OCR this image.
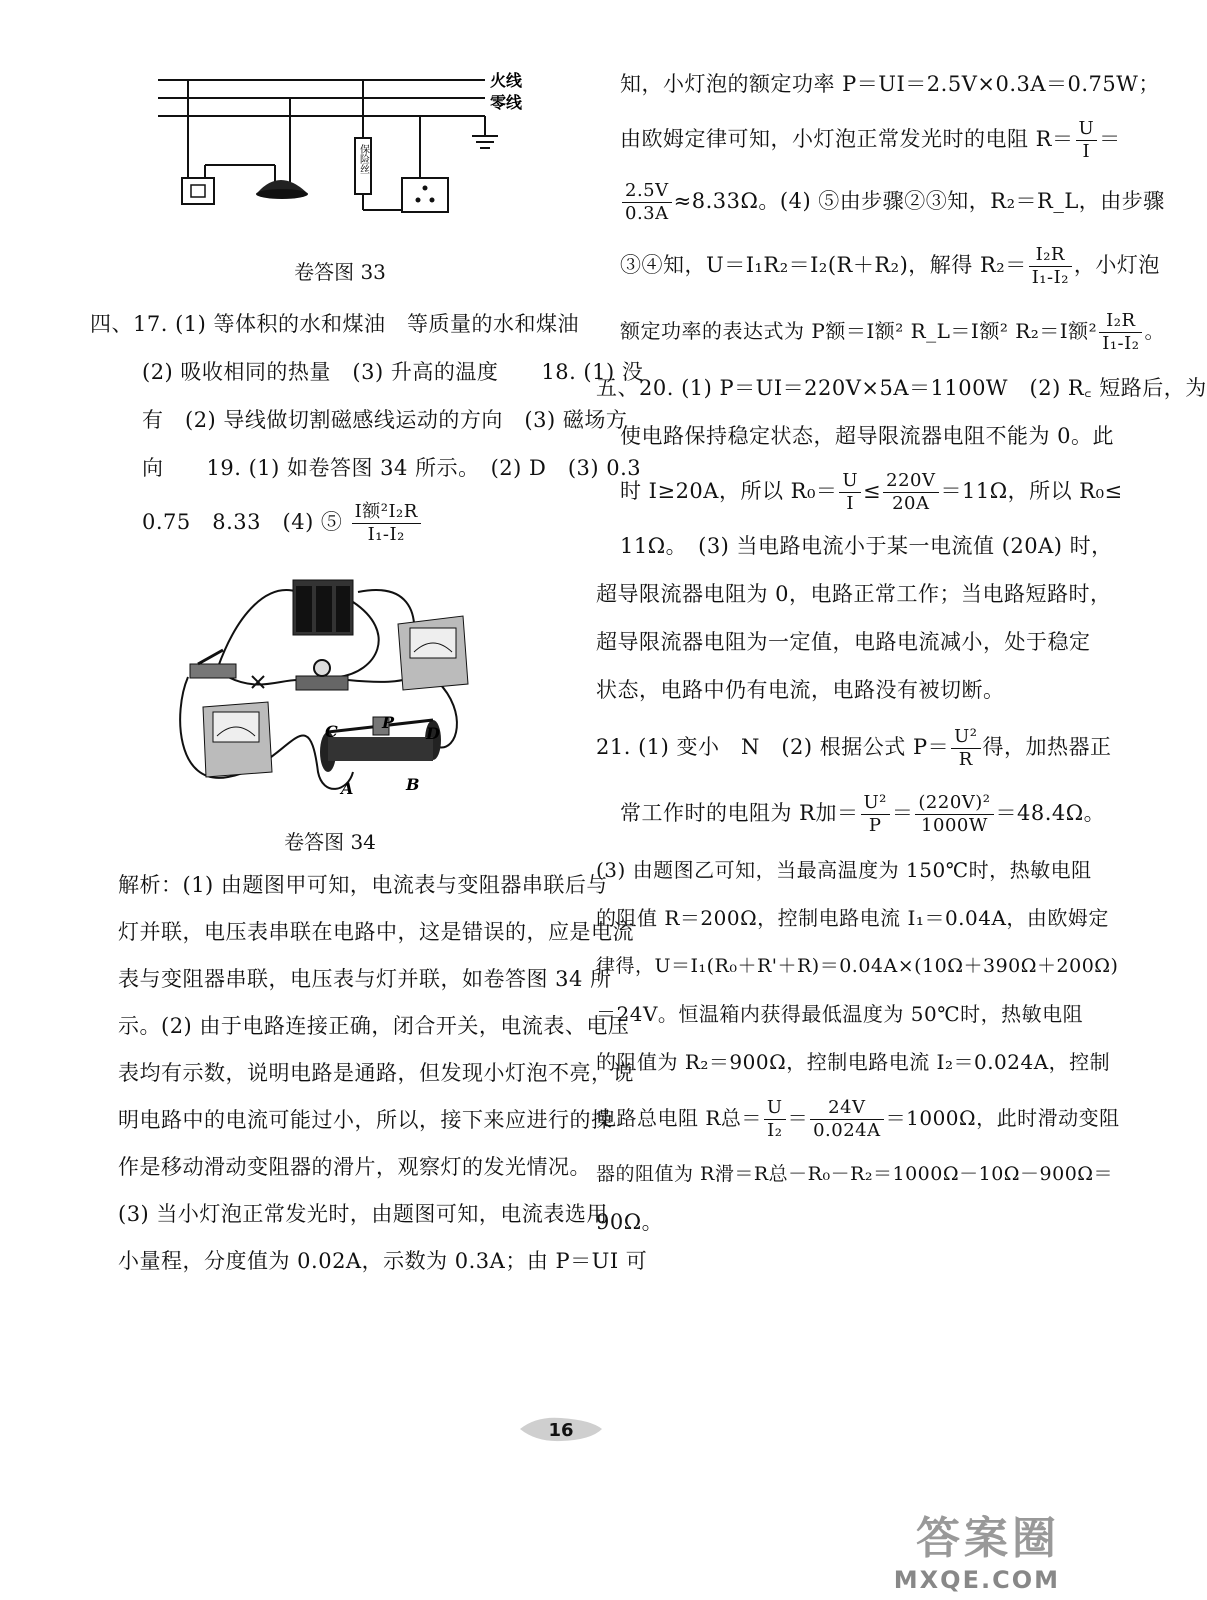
火线
零线
保险丝
卷答图 33

四、17. (1) 等体积的水和煤油　等质量的水和煤油

(2) 吸收相同的热量　(3) 升高的温度　　18. (1) 没

有　(2) 导线做切割磁感线运动的方向　(3) 磁场方

向　　19. (1) 如卷答图 34 所示。　(2) D　(3) 0.3

0.75　8.33　(4) ⑤ $\frac{\text{I额²I₂R}}{\text{I₁-I₂}}$

C	P
D
A	B
卷答图 34

解析：(1) 由题图甲可知，电流表与变阻器串联后与

灯并联，电压表串联在电路中，这是错误的，应是电流

表与变阻器串联，电压表与灯并联，如卷答图 34 所

示。(2) 由于电路连接正确，闭合开关，电流表、电压

表均有示数，说明电路是通路，但发现小灯泡不亮，说

明电路中的电流可能过小，所以，接下来应进行的操

作是移动滑动变阻器的滑片，观察灯的发光情况。

(3) 当小灯泡正常发光时，由题图可知，电流表选用

小量程，分度值为 0.02A，示数为 0.3A；由 P＝UI 可

知，小灯泡的额定功率 P＝UI＝2.5V×0.3A＝0.75W；

由欧姆定律可知，小灯泡正常发光时的电阻 $R= \frac{U}{I}$ ＝

$\frac{2.5V}{0.3A} \approx 8.33\Omega$。(4) ⑤由步骤②③知，R₂＝R_L，由步骤

③④知，U＝I₁R₂＝I₂(R＋R₂)，解得 $R_2= \frac{\text{I₂R}}{\text{I₁-I₂}}$ ，小灯泡

额定功率的表达式为 P额＝I额² R_L＝I额² R₂＝I额$^2 \frac{\text{I₂R}}{\text{I₁-I₂}}$ 。

五、20. (1) P＝UI＝220V×5A＝1100W　(2) R꜀ 短路后，为

使电路保持稳定状态，超导限流器电阻不能为 0。此

时 I≥20A，所以 $R_0= \frac{U}{I} \le \frac{220V}{20A} =11\Omega$，所以 R₀≤

11Ω。　(3) 当电路电流小于某一电流值 (20A) 时，

超导限流器电阻为 0，电路正常工作；当电路短路时，

超导限流器电阻为一定值，电路电流减小，处于稳定

状态，电路中仍有电流，电路没有被切断。

21. (1) 变小　N　(2) 根据公式 $P= \frac{\text{U²}}{R}$ 得，加热器正

常工作时的电阻为 R加＝ $\frac{\text{U²}}{P} = \frac{\text{(220V)²}}{1000W} =48.4\Omega$。

(3) 由题图乙可知，当最高温度为 150℃时，热敏电阻

的阻值 R＝200Ω，控制电路电流 I₁＝0.04A，由欧姆定

律得，U＝I₁(R₀＋R'＋R)＝0.04A×(10Ω＋390Ω＋200Ω)

＝24V。恒温箱内获得最低温度为 50℃时，热敏电阻

的阻值为 R₂＝900Ω，控制电路电流 I₂＝0.024A，控制

电路总电阻 R总＝ $\frac{U}{\text{I₂}} = \frac{24V}{0.024A} =1000\Omega$，此时滑动变阻

器的阻值为 R滑＝R总－R₀－R₂＝1000Ω－10Ω－900Ω＝

90Ω。

16
答案圈
MXQE.COM
